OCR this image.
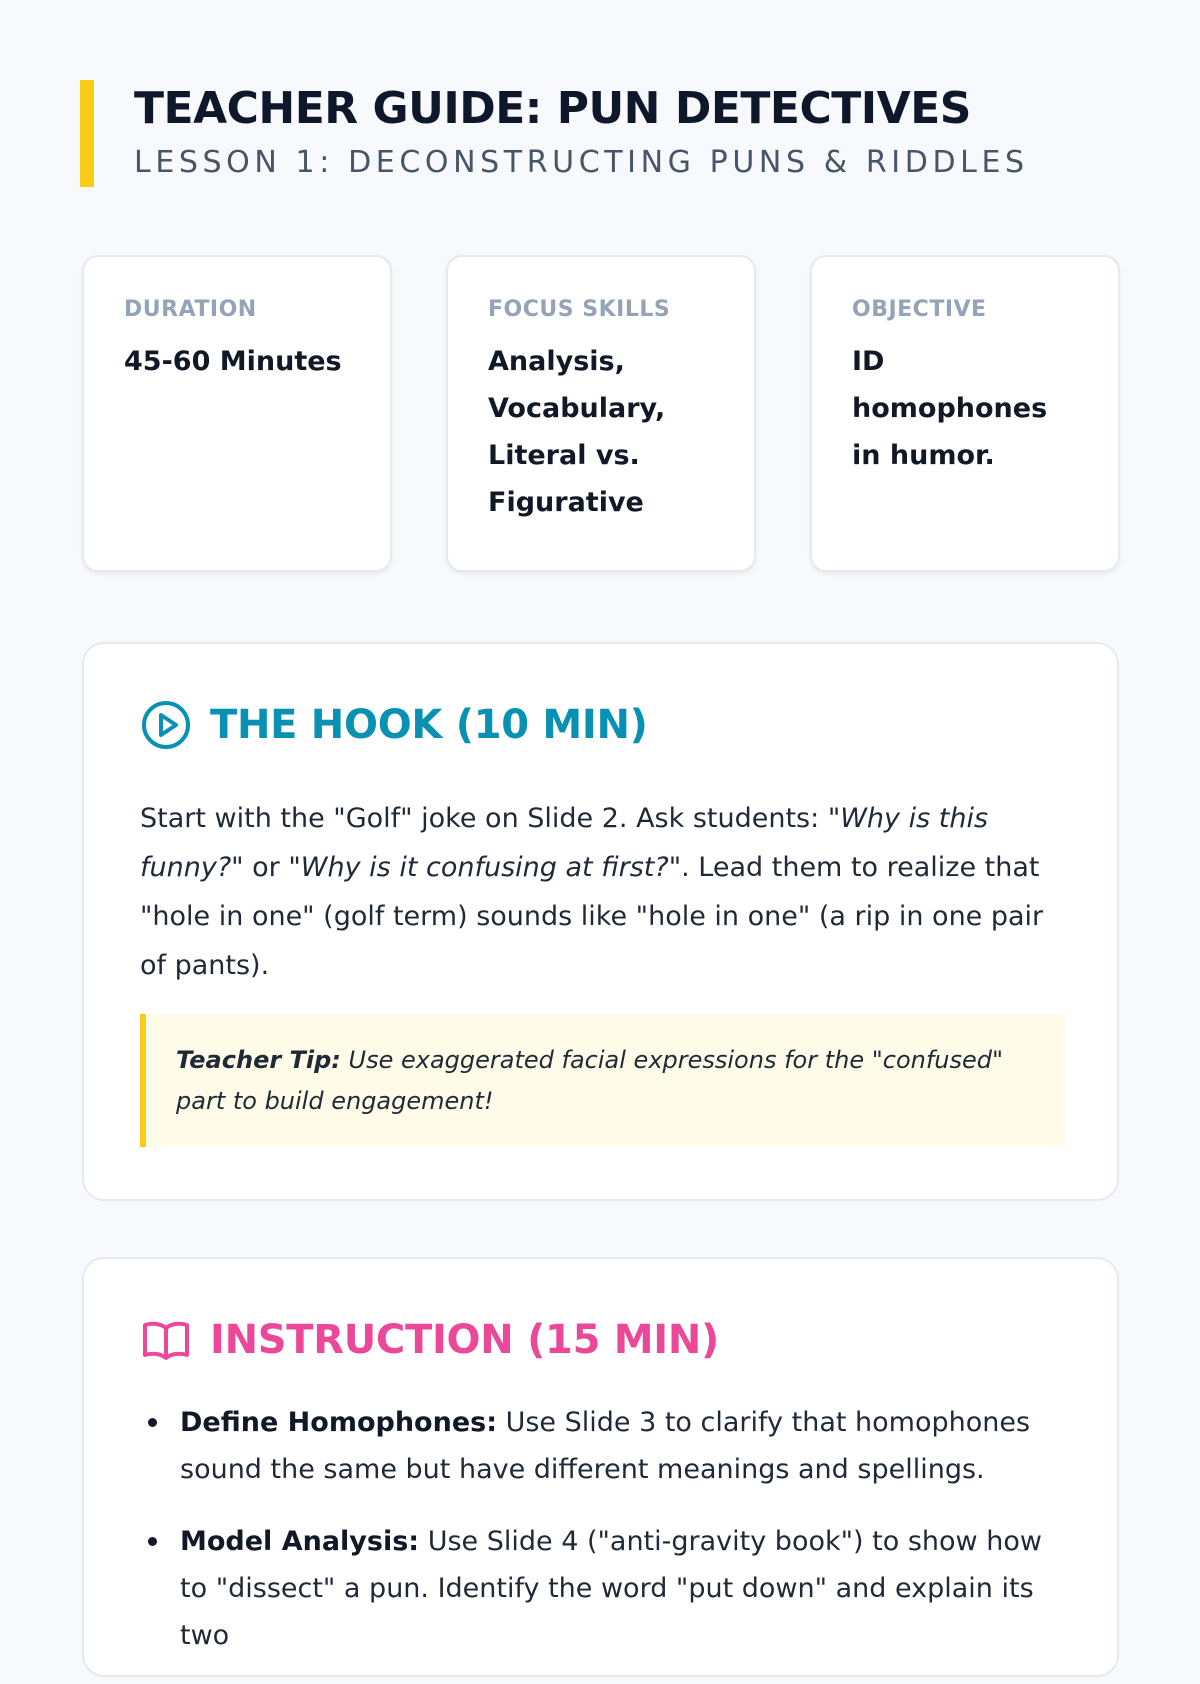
TEACHER GUIDE: PUN DETECTIVES
LESSON 1: DECONSTRUCTING PUNS & RIDDLES
DURATION
45-60 Minutes
FOCUS SKILLS
Analysis, Vocabulary, Literal vs. Figurative
OBJECTIVE
ID homophones in humor.
THE HOOK (10 MIN)
Start with the "Golf" joke on Slide 2. Ask students: "Why is this funny?" or "Why is it confusing at first?". Lead them to realize that "hole in one" (golf term) sounds like "hole in one" (a rip in one pair of pants).
Teacher Tip: Use exaggerated facial expressions for the "confused" part to build engagement!
INSTRUCTION (15 MIN)
Define Homophones: Use Slide 3 to clarify that homophones sound the same but have different meanings and spellings.
Model Analysis: Use Slide 4 ("anti-gravity book") to show how to "dissect" a pun. Identify the word "put down" and explain its two
